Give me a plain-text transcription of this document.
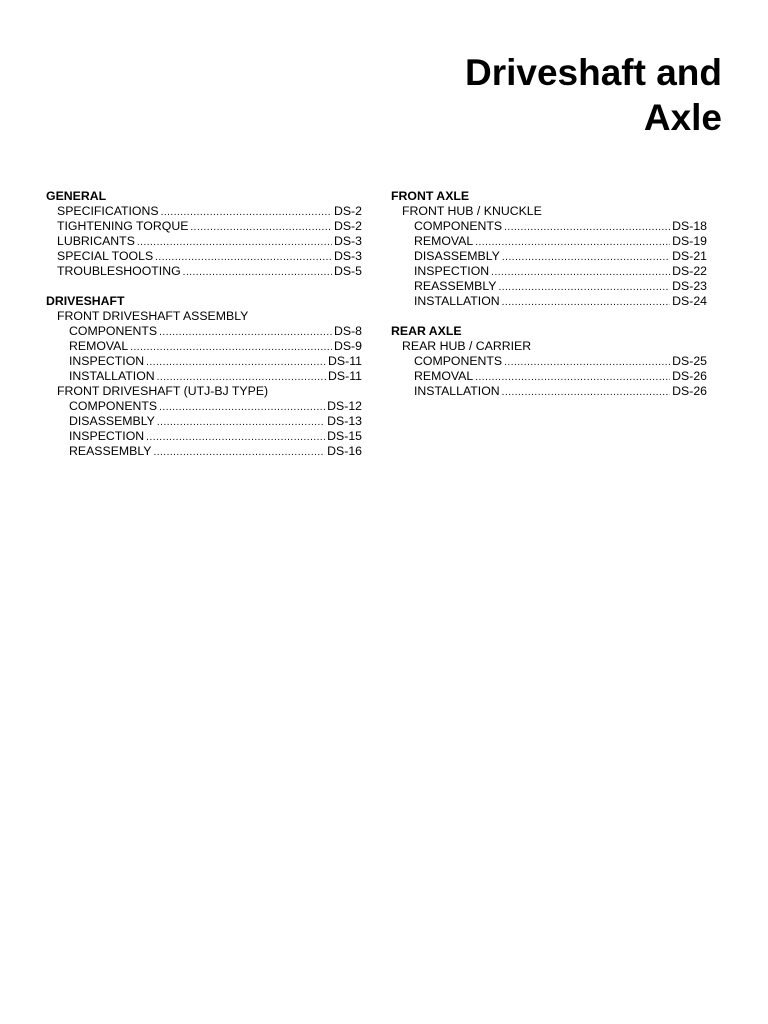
Driveshaft and
Axle
GENERAL
SPECIFICATIONS .....	DS-2
TIGHTENING TORQUE .....	DS-2
LUBRICANTS .....	DS-3
SPECIAL TOOLS .....	DS-3
TROUBLESHOOTING .....	DS-5
DRIVESHAFT
FRONT DRIVESHAFT ASSEMBLY
COMPONENTS .....	DS-8
REMOVAL .....	DS-9
INSPECTION .....	DS-11
INSTALLATION .....	DS-11
FRONT DRIVESHAFT (UTJ-BJ TYPE)
COMPONENTS .....	DS-12
DISASSEMBLY .....	DS-13
INSPECTION .....	DS-15
REASSEMBLY .....	DS-16
FRONT AXLE
FRONT HUB / KNUCKLE
COMPONENTS .....	DS-18
REMOVAL .....	DS-19
DISASSEMBLY .....	DS-21
INSPECTION .....	DS-22
REASSEMBLY .....	DS-23
INSTALLATION .....	DS-24
REAR AXLE
REAR HUB / CARRIER
COMPONENTS .....	DS-25
REMOVAL .....	DS-26
INSTALLATION .....	DS-26
